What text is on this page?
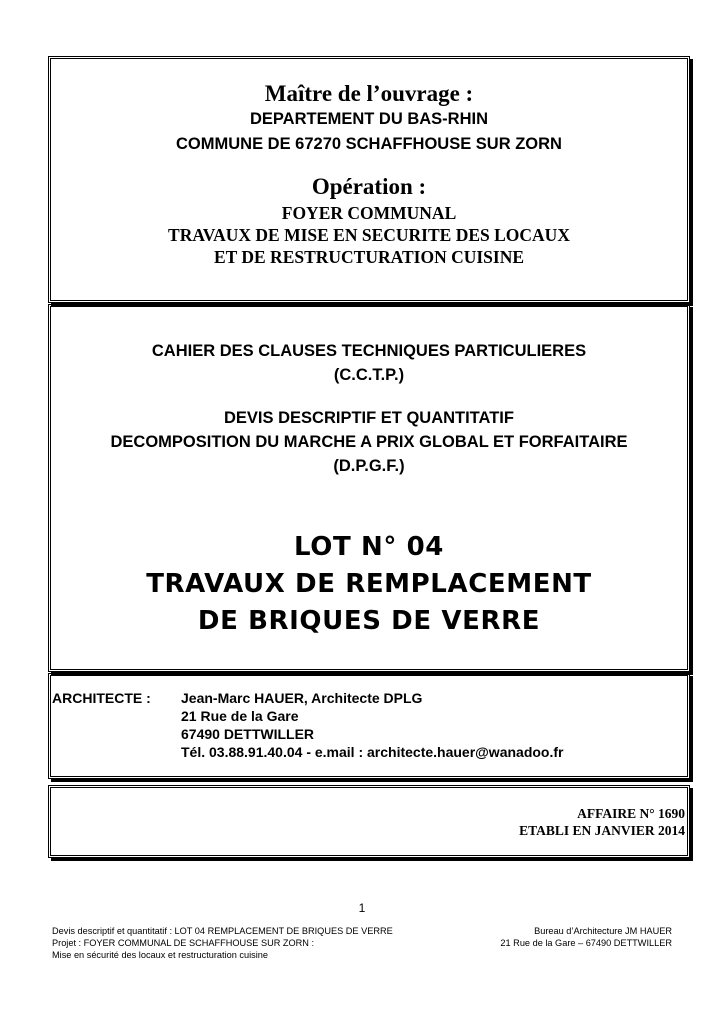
Maître de l’ouvrage :
DEPARTEMENT DU BAS-RHIN
COMMUNE DE 67270 SCHAFFHOUSE SUR ZORN
Opération :
FOYER COMMUNAL
TRAVAUX DE MISE EN SECURITE DES LOCAUX
ET DE RESTRUCTURATION CUISINE
CAHIER DES CLAUSES TECHNIQUES PARTICULIERES
(C.C.T.P.)
DEVIS DESCRIPTIF ET QUANTITATIF
DECOMPOSITION DU MARCHE A PRIX GLOBAL ET FORFAITAIRE
(D.P.G.F.)
LOT N° 04
TRAVAUX DE REMPLACEMENT
DE BRIQUES DE VERRE
ARCHITECTE : Jean-Marc HAUER, Architecte DPLG
21 Rue de la Gare
67490 DETTWILLER
Tél. 03.88.91.40.04 - e.mail : architecte.hauer@wanadoo.fr
AFFAIRE N° 1690
ETABLI EN JANVIER 2014
1
Devis descriptif et quantitatif : LOT 04 REMPLACEMENT DE BRIQUES DE VERRE
Projet : FOYER COMMUNAL DE SCHAFFHOUSE SUR ZORN :
Mise en sécurité des locaux et restructuration cuisine
Bureau d’Architecture JM HAUER
21 Rue de la Gare – 67490 DETTWILLER
